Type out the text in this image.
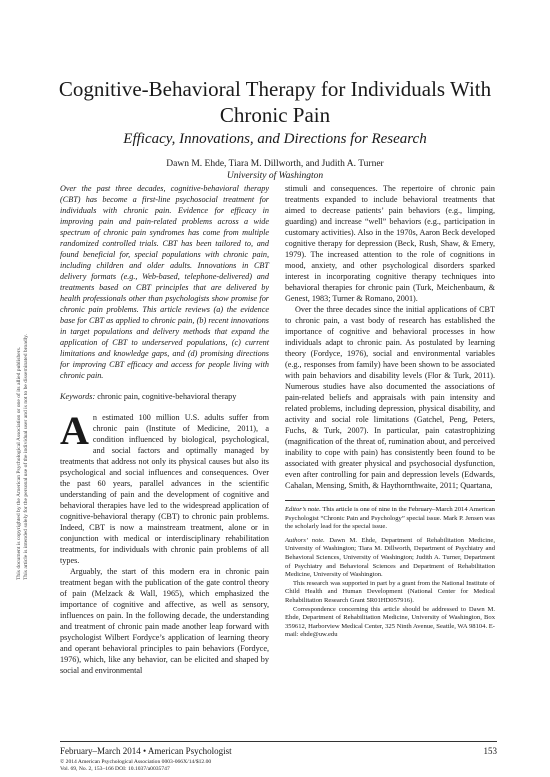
Cognitive-Behavioral Therapy for Individuals With Chronic Pain
Efficacy, Innovations, and Directions for Research
Dawn M. Ehde, Tiara M. Dillworth, and Judith A. Turner
University of Washington
This document is copyrighted by the American Psychological Association or one of its allied publishers. This article is intended solely for the personal use of the individual user and is not to be disseminated broadly.
Over the past three decades, cognitive-behavioral therapy (CBT) has become a first-line psychosocial treatment for individuals with chronic pain. Evidence for efficacy in improving pain and pain-related problems across a wide spectrum of chronic pain syndromes has come from multiple randomized controlled trials. CBT has been tailored to, and found beneficial for, special populations with chronic pain, including children and older adults. Innovations in CBT delivery formats (e.g., Web-based, telephone-delivered) and treatments based on CBT principles that are delivered by health professionals other than psychologists show promise for chronic pain problems. This article reviews (a) the evidence base for CBT as applied to chronic pain, (b) recent innovations in target populations and delivery methods that expand the application of CBT to underserved populations, (c) current limitations and knowledge gaps, and (d) promising directions for improving CBT efficacy and access for people living with chronic pain.
Keywords: chronic pain, cognitive-behavioral therapy

An estimated 100 million U.S. adults suffer from chronic pain (Institute of Medicine, 2011), a condition influenced by biological, psychological, and social factors and optimally managed by treatments that address not only its physical causes but also its psychological and social influences and consequences. Over the past 60 years, parallel advances in the scientific understanding of pain and the development of cognitive and behavioral therapies have led to the widespread application of cognitive-behavioral therapy (CBT) to chronic pain problems. Indeed, CBT is now a mainstream treatment, alone or in conjunction with medical or interdisciplinary rehabilitation treatments, for individuals with chronic pain problems of all types.

Arguably, the start of this modern era in chronic pain treatment began with the publication of the gate control theory of pain (Melzack & Wall, 1965), which emphasized the importance of cognitive and affective, as well as sensory, influences on pain. In the following decade, the understanding and treatment of chronic pain made another leap forward with psychologist Wilbert Fordyce’s application of learning theory and operant behavioral principles to pain behaviors (Fordyce, 1976), which, like any behavior, can be elicited and shaped by social and environmental

stimuli and consequences. The repertoire of chronic pain treatments expanded to include behavioral treatments that aimed to decrease patients’ pain behaviors (e.g., limping, guarding) and increase “well” behaviors (e.g., participation in customary activities). Also in the 1970s, Aaron Beck developed cognitive therapy for depression (Beck, Rush, Shaw, & Emery, 1979). The increased attention to the role of cognitions in mood, anxiety, and other psychological disorders sparked interest in incorporating cognitive therapy techniques into behavioral therapies for chronic pain (Turk, Meichenbaum, & Genest, 1983; Turner & Romano, 2001).

Over the three decades since the initial applications of CBT to chronic pain, a vast body of research has established the importance of cognitive and behavioral processes in how individuals adapt to chronic pain. As postulated by learning theory (Fordyce, 1976), social and environmental variables (e.g., responses from family) have been shown to be associated with pain behaviors and disability levels (Flor & Turk, 2011). Numerous studies have also documented the associations of pain-related beliefs and appraisals with pain intensity and related problems, including depression, physical disability, and activity and social role limitations (Gatchel, Peng, Peters, Fuchs, & Turk, 2007). In particular, pain catastrophizing (magnification of the threat of, rumination about, and perceived inability to cope with pain) has consistently been found to be associated with greater physical and psychosocial dysfunction, even after controlling for pain and depression levels (Edwards, Cahalan, Mensing, Smith, & Haythornthwaite, 2011; Quartana,

Editor’s note. This article is one of nine in the February–March 2014 American Psychologist “Chronic Pain and Psychology” special issue. Mark P. Jensen was the scholarly lead for the special issue.
Authors’ note. Dawn M. Ehde, Department of Rehabilitation Medicine, University of Washington; Tiara M. Dillworth, Department of Psychiatry and Behavioral Sciences, University of Washington; Judith A. Turner, Department of Psychiatry and Behavioral Sciences and Department of Rehabilitation Medicine, University of Washington.
This research was supported in part by a grant from the National Institute of Child Health and Human Development (National Center for Medical Rehabilitation Research Grant 5R01HD057916).
Correspondence concerning this article should be addressed to Dawn M. Ehde, Department of Rehabilitation Medicine, University of Washington, Box 359612, Harborview Medical Center, 325 Ninth Avenue, Seattle, WA 98104. E-mail: ehde@uw.edu
February–March 2014 • American Psychologist	153
© 2014 American Psychological Association 0003-066X/14/$12.00
Vol. 69, No. 2, 153–166 DOI: 10.1037/a0035747
